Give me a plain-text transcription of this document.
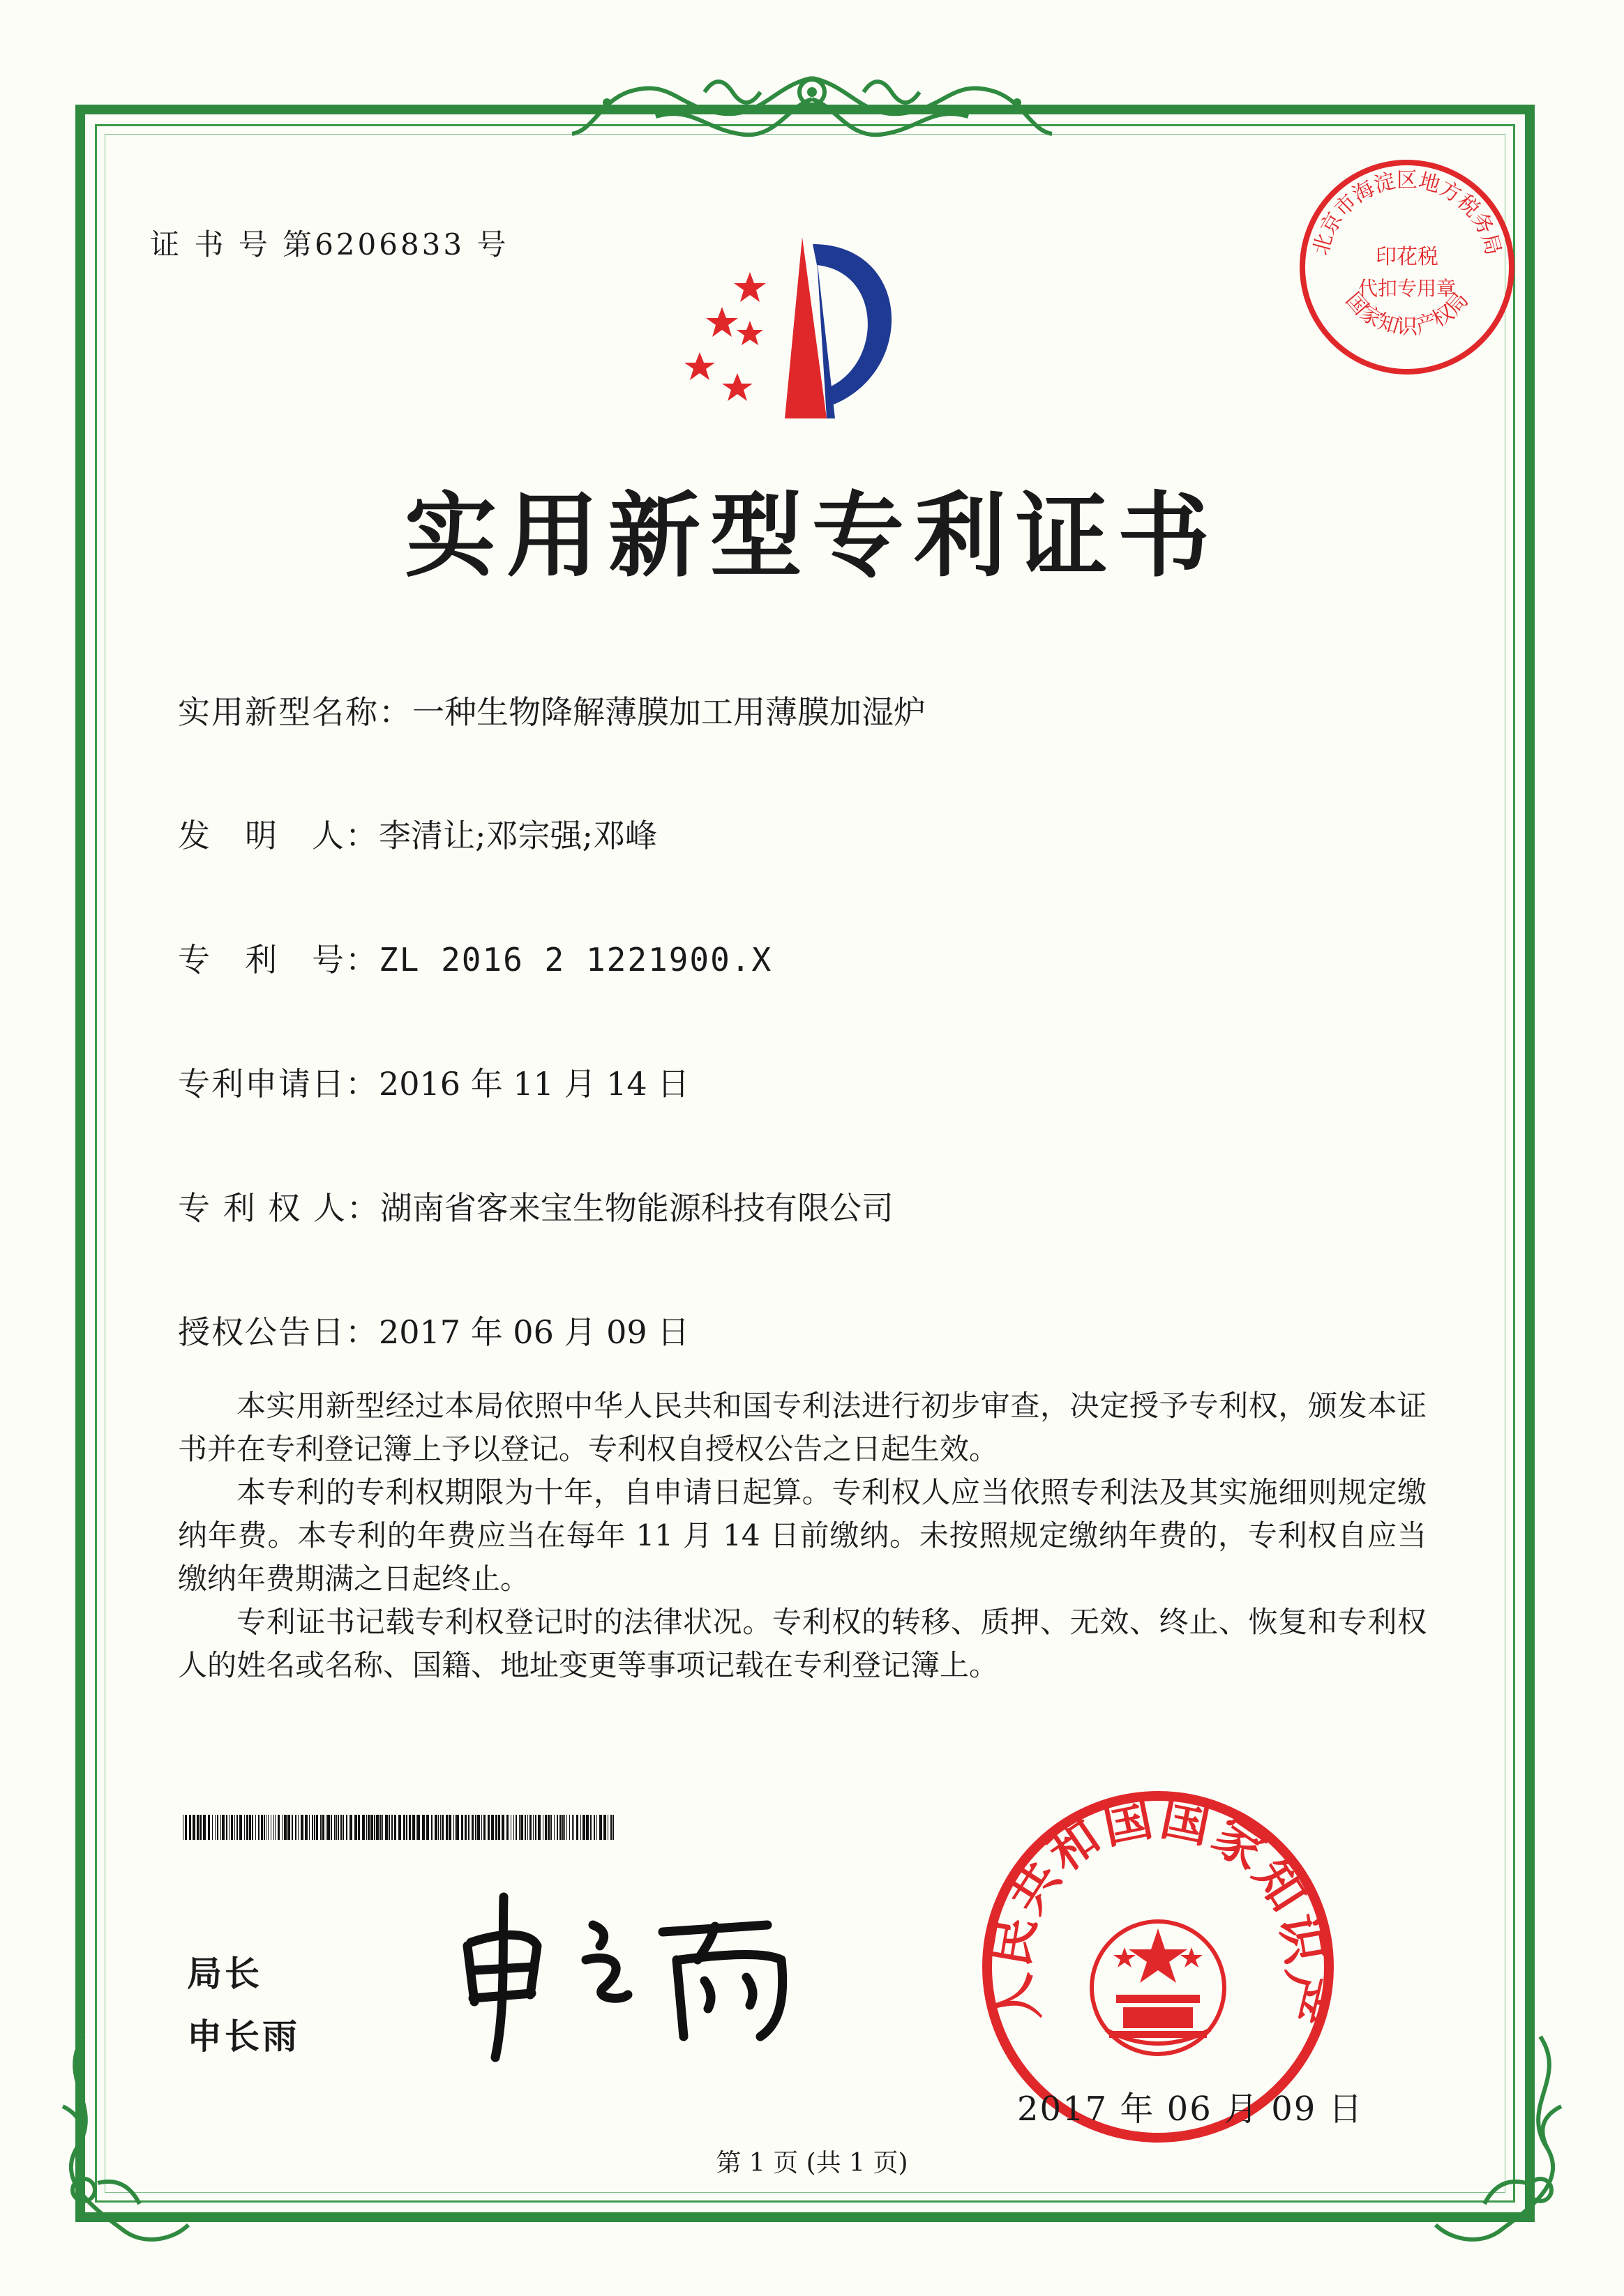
证 书 号 第6206833 号	北京市海淀区地方税务局
印花税
代扣专用章
国家知识产权局
实用新型专利证书
实用新型名称：一种生物降解薄膜加工用薄膜加湿炉
发　明　人：李清让;邓宗强;邓峰
专　利　号：ZL 2016 2 1221900.X
专利申请日：2016 年 11 月 14 日
专 利 权 人：湖南省客来宝生物能源科技有限公司
授权公告日：2017 年 06 月 09 日

本实用新型经过本局依照中华人民共和国专利法进行初步审查，决定授予专利权，颁发本证书并在专利登记簿上予以登记。专利权自授权公告之日起生效。

本专利的专利权期限为十年，自申请日起算。专利权人应当依照专利法及其实施细则规定缴纳年费。本专利的年费应当在每年 11 月 14 日前缴纳。未按照规定缴纳年费的，专利权自应当缴纳年费期满之日起终止。

专利证书记载专利权登记时的法律状况。专利权的转移、质押、无效、终止、恢复和专利权人的姓名或名称、国籍、地址变更等事项记载在专利登记簿上。

局长
申长雨
人民共和国国家知识产
2017 年 06 月 09 日
第 1 页 (共 1 页)
